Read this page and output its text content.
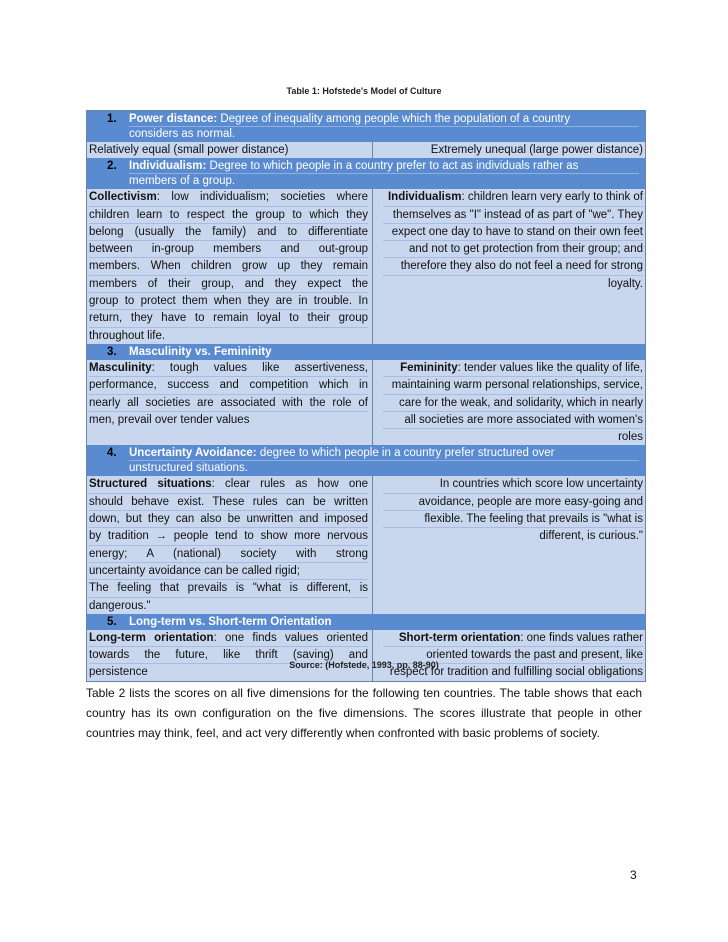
Table 1: Hofstede's Model of Culture
1. Power distance: Degree of inequality among people which the population of a country
considers as normal.
Relatively equal (small power distance)	Extremely unequal (large power distance)
2. Individualism: Degree to which people in a country prefer to act as individuals rather as
members of a group.
Collectivism: low individualism; societies where
children learn to respect the group to which they
belong (usually the family) and to differentiate
between in-group members and out-group
members. When children grow up they remain
members of their group, and they expect the
group to protect them when they are in trouble. In
return, they have to remain loyal to their group
throughout life.
Individualism: children learn very early to think of
themselves as "I" instead of as part of "we". They
expect one day to have to stand on their own feet
and not to get protection from their group; and
therefore they also do not feel a need for strong
loyalty.
3. Masculinity vs. Femininity
Masculinity: tough values like assertiveness,
performance, success and competition which in
nearly all societies are associated with the role of
men, prevail over tender values
Femininity: tender values like the quality of life,
maintaining warm personal relationships, service,
care for the weak, and solidarity, which in nearly
all societies are more associated with women's
roles
4. Uncertainty Avoidance: degree to which people in a country prefer structured over
unstructured situations.
Structured situations: clear rules as how one
should behave exist. These rules can be written
down, but they can also be unwritten and imposed
by tradition → people tend to show more nervous
energy; A (national) society with strong
uncertainty avoidance can be called rigid;
The feeling that prevails is "what is different, is
dangerous."
In countries which score low uncertainty
avoidance, people are more easy-going and
flexible. The feeling that prevails is "what is
different, is curious."
5. Long-term vs. Short-term Orientation
Long-term orientation: one finds values oriented
towards the future, like thrift (saving) and
persistence
Short-term orientation: one finds values rather
oriented towards the past and present, like
respect for tradition and fulfilling social obligations
Source: (Hofstede, 1993, pp. 88-90)
Table 2 lists the scores on all five dimensions for the following ten countries. The table shows that each
country has its own configuration on the five dimensions. The scores illustrate that people in other
countries may think, feel, and act very differently when confronted with basic problems of society.
3
